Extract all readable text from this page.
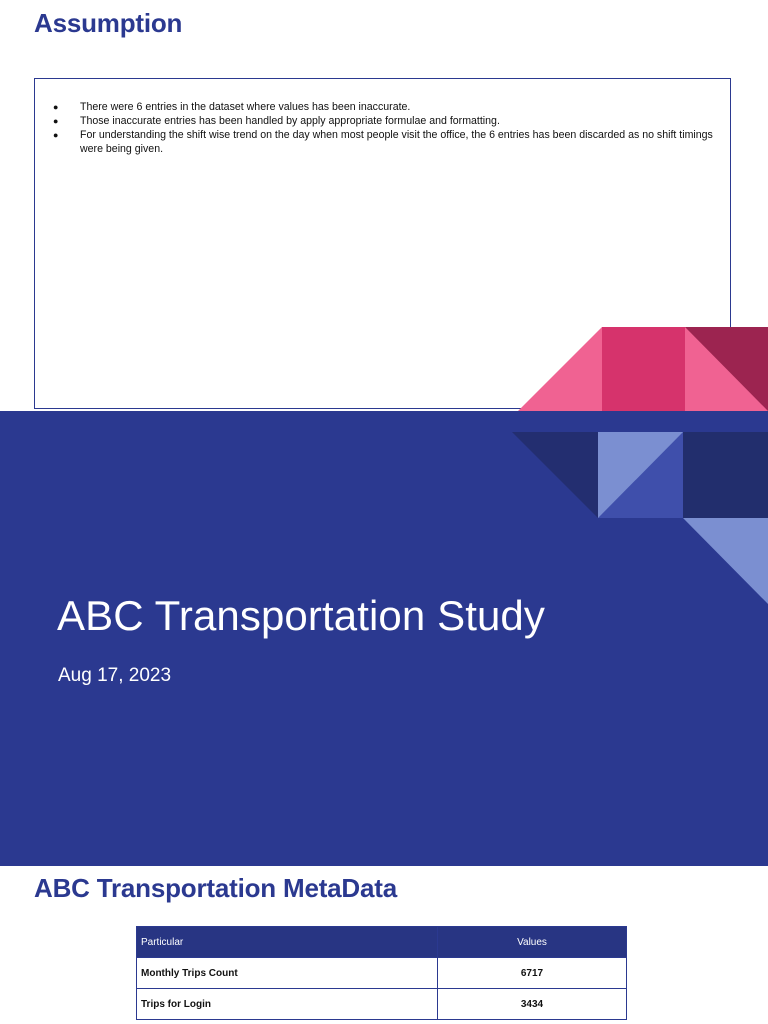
Assumption
● There were 6 entries in the dataset where values has been inaccurate.
● Those inaccurate entries has been handled by apply appropriate formulae and formatting.
● For understanding the shift wise trend on the day when most people visit the office, the 6 entries has been discarded as no shift timings were being given.
ABC Transportation Study
Aug 17, 2023
ABC Transportation MetaData
Particular	Values
Monthly Trips Count	6717
Trips for Login	3434
